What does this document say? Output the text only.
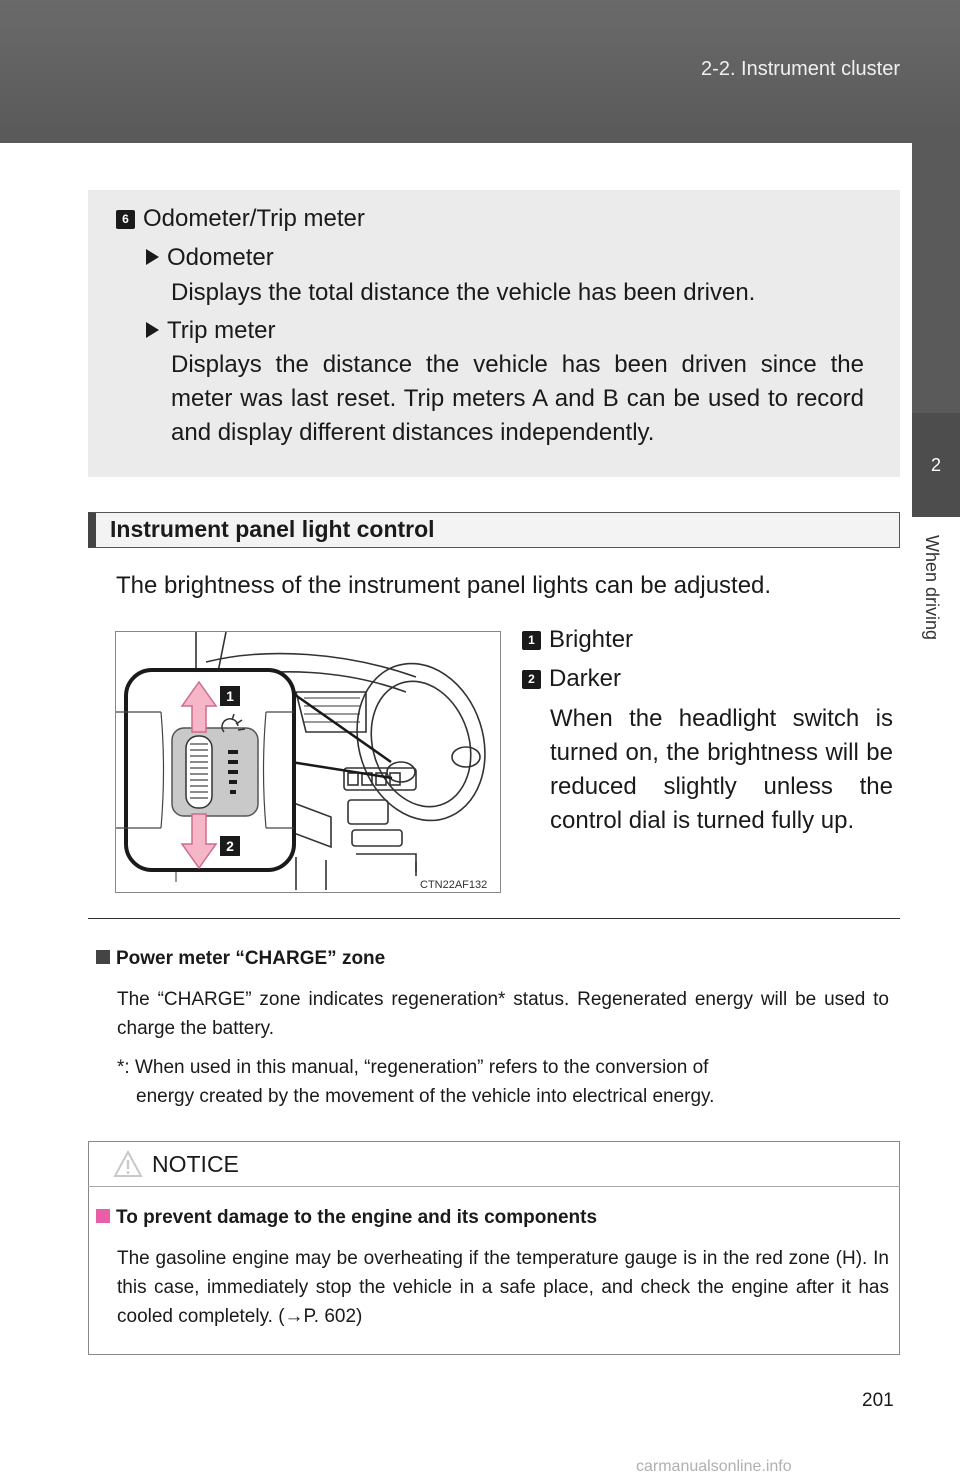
2-2. Instrument cluster
2
When driving
6 Odometer/Trip meter
Odometer
Displays the total distance the vehicle has been driven.
Trip meter
Displays the distance the vehicle has been driven since the meter was last reset. Trip meters A and B can be used to record and display different distances independently.
Instrument panel light control
The brightness of the instrument panel lights can be adjusted.
1
2
CTN22AF132
1 Brighter
2 Darker
When the headlight switch is turned on, the brightness will be reduced slightly unless the control dial is turned fully up.
Power meter “CHARGE” zone
The “CHARGE” zone indicates regeneration* status. Regenerated energy will be used to charge the battery.
*: When used in this manual, “regeneration” refers to the conversion of
energy created by the movement of the vehicle into electrical energy.
NOTICE
To prevent damage to the engine and its components
The gasoline engine may be overheating if the temperature gauge is in the red zone (H). In this case, immediately stop the vehicle in a safe place, and check the engine after it has cooled completely. (→P. 602)
201
carmanualsonline.info
